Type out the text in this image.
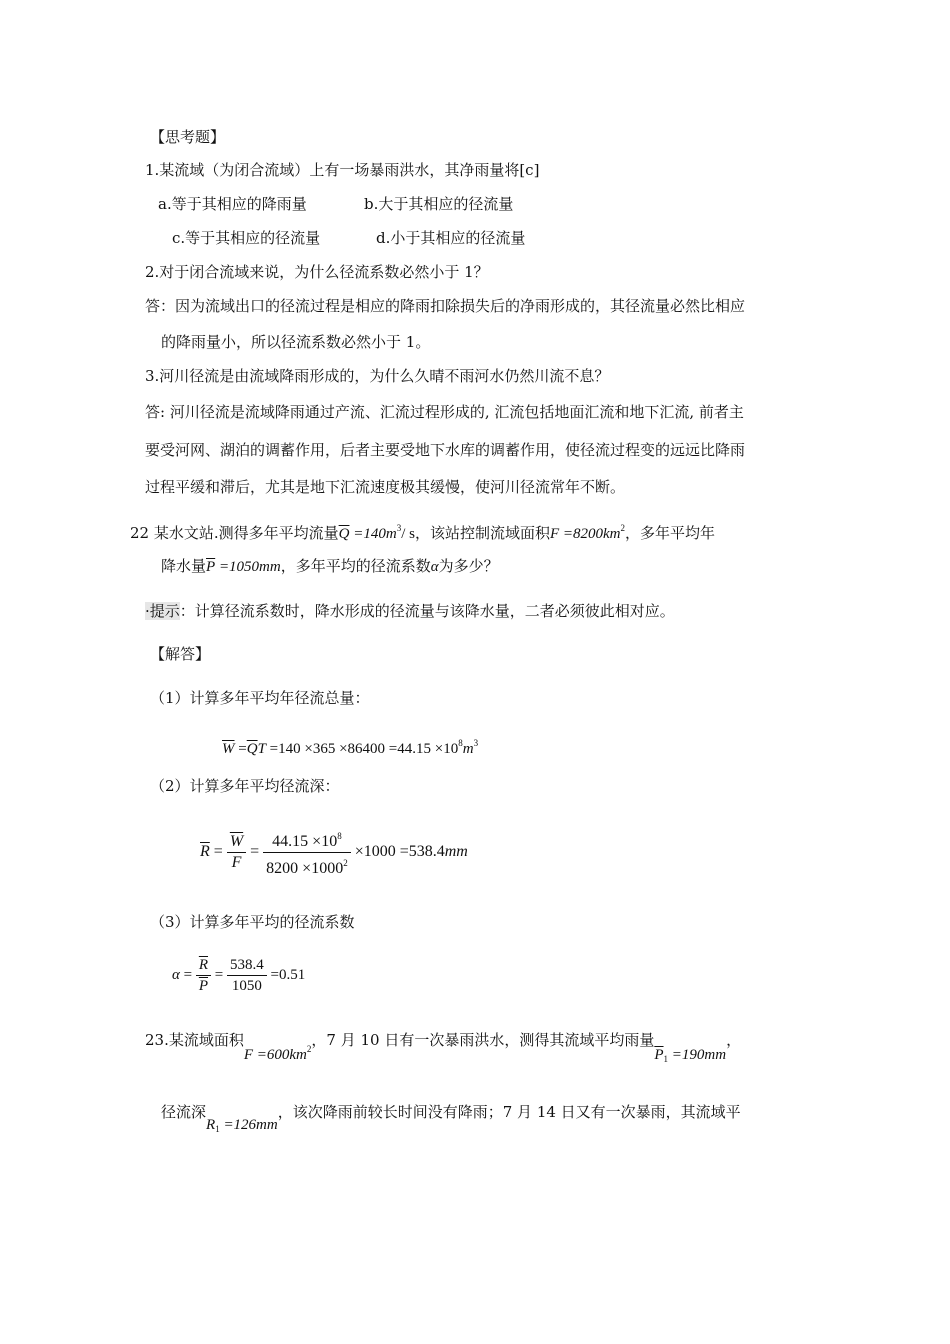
【思考题】
1.某流域（为闭合流域）上有一场暴雨洪水，其净雨量将[c]
a.等于其相应的降雨量	b.大于其相应的径流量
c.等于其相应的径流量	d.小于其相应的径流量
2.对于闭合流域来说，为什么径流系数必然小于 1？
答：因为流域出口的径流过程是相应的降雨扣除损失后的净雨形成的，其径流量必然比相应
的降雨量小，所以径流系数必然小于 1。
3.河川径流是由流域降雨形成的，为什么久晴不雨河水仍然川流不息？
答: 河川径流是流域降雨通过产流、汇流过程形成的, 汇流包括地面汇流和地下汇流, 前者主
要受河网、湖泊的调蓄作用，后者主要受地下水库的调蓄作用，使径流过程变的远远比降雨
过程平缓和滞后，尤其是地下汇流速度极其缓慢，使河川径流常年不断。
22 某水文站.测得多年平均流量$\overline{Q} =140m^3/$ s，该站控制流域面积$F =8200km^2$，多年平均年
降水量$\overline{P} =1050mm$，多年平均的径流系数α为多少？
·提示：计算径流系数时，降水形成的径流量与该降水量，二者必须彼此相对应。
【解答】
（1）计算多年平均年径流总量：
$\overline{W} =\overline{Q}T =140 \times 365 \times 86400 =44.15 \times 10^8m^3$
（2）计算多年平均径流深：
$\overline{R} = \frac{\overline{W}}{F} = \frac{44.15 \times 10^8}{8200 \times 1000^2} \times 1000 =538.4mm$
（3）计算多年平均的径流系数
$\alpha = \frac{\overline{R}}{P} = \frac{538.4}{1050} =0.51$
23.某流域面积$F =600km^2$，7 月 10 日有一次暴雨洪水，测得其流域平均雨量$\overline{P}_1 =190mm$，
径流深$R_1 =126mm$，该次降雨前较长时间没有降雨；7 月 14 日又有一次暴雨，其流域平
